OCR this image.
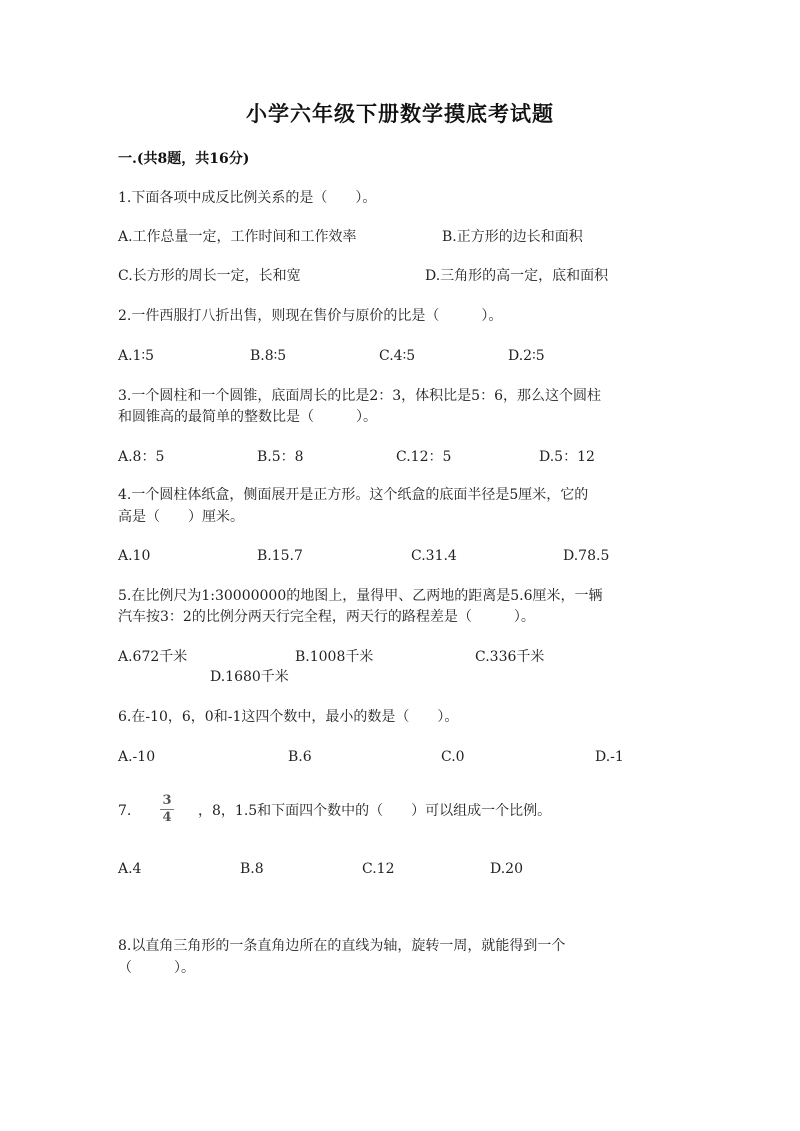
小学六年级下册数学摸底考试题
一.(共8题，共16分)
1.下面各项中成反比例关系的是（　　）。
A.工作总量一定，工作时间和工作效率	B.正方形的边长和面积
C.长方形的周长一定，长和宽	D.三角形的高一定，底和面积
2.一件西服打八折出售，则现在售价与原价的比是（　　　）。
A.1∶5	B.8∶5	C.4∶5	D.2∶5
3.一个圆柱和一个圆锥，底面周长的比是2：3，体积比是5：6，那么这个圆柱
和圆锥高的最简单的整数比是（　　　）。
A.8：5	B.5：8	C.12：5	D.5：12
4.一个圆柱体纸盒，侧面展开是正方形。这个纸盒的底面半径是5厘米，它的
高是（　　）厘米。
A.10	B.15.7	C.31.4	D.78.5
5.在比例尺为1:30000000的地图上，量得甲、乙两地的距离是5.6厘米，一辆
汽车按3：2的比例分两天行完全程，两天行的路程差是（　　　）。
A.672千米	B.1008千米	C.336千米
D.1680千米
6.在-10，6，0和-1这四个数中，最小的数是（　　）。
A.-10	B.6	C.0	D.-1
7.
3
4 ，8，1.5和下面四个数中的（　　）可以组成一个比例。
A.4	B.8	C.12	D.20
8.以直角三角形的一条直角边所在的直线为轴，旋转一周，就能得到一个
（　　　）。
